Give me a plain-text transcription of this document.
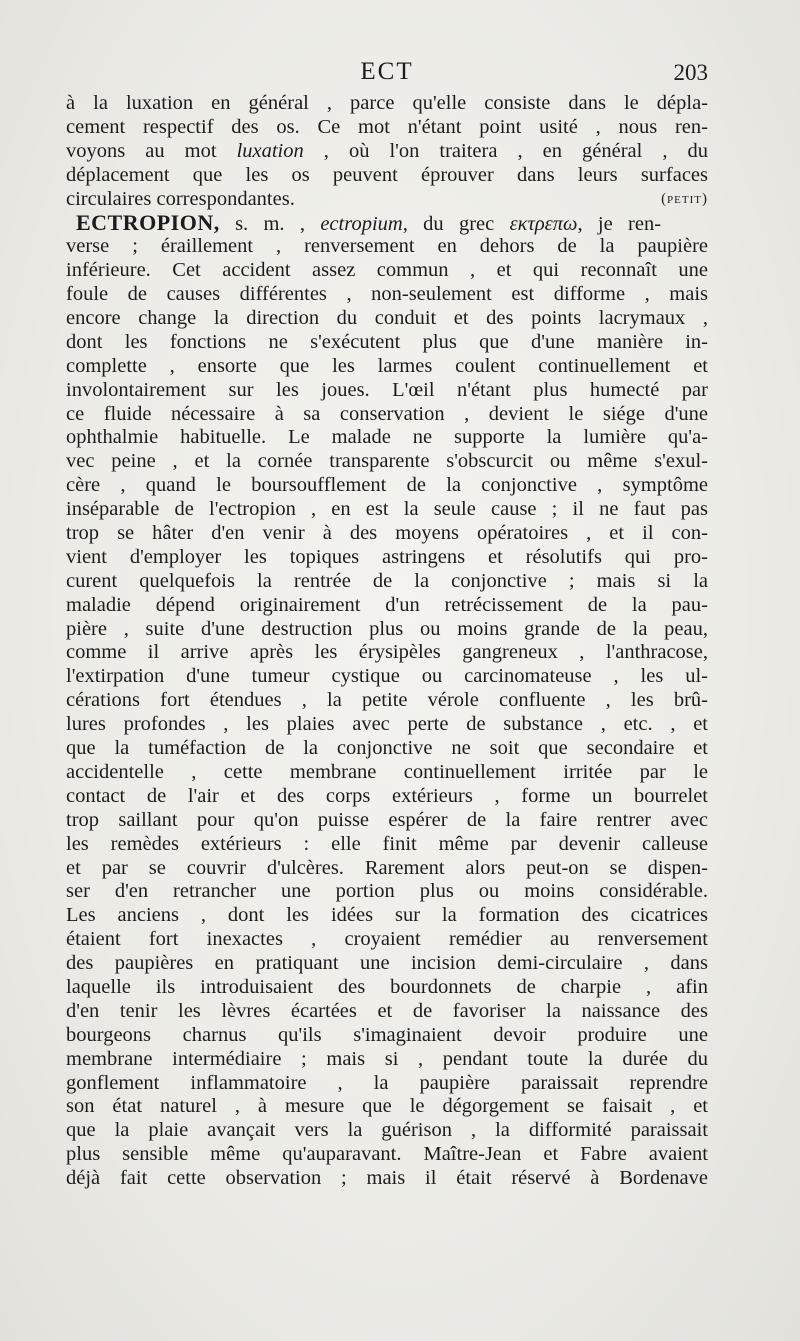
ECT	203
à la luxation en général , parce qu'elle consiste dans le dépla-
cement respectif des os. Ce mot n'étant point usité , nous ren-
voyons au mot luxation , où l'on traitera , en général , du
déplacement que les os peuvent éprouver dans leurs surfaces
circulaires correspondantes.	(petit)
ECTROPION, s. m. , ectropium, du grec εκτρεπω, je ren-
verse ; éraillement , renversement en dehors de la paupière
inférieure. Cet accident assez commun , et qui reconnaît une
foule de causes différentes , non-seulement est difforme , mais
encore change la direction du conduit et des points lacrymaux ,
dont les fonctions ne s'exécutent plus que d'une manière in-
complette , ensorte que les larmes coulent continuellement et
involontairement sur les joues. L'œil n'étant plus humecté par
ce fluide nécessaire à sa conservation , devient le siége d'une
ophthalmie habituelle. Le malade ne supporte la lumière qu'a-
vec peine , et la cornée transparente s'obscurcit ou même s'exul-
cère , quand le boursoufflement de la conjonctive , symptôme
inséparable de l'ectropion , en est la seule cause ; il ne faut pas
trop se hâter d'en venir à des moyens opératoires , et il con-
vient d'employer les topiques astringens et résolutifs qui pro-
curent quelquefois la rentrée de la conjonctive ; mais si la
maladie dépend originairement d'un retrécissement de la pau-
pière , suite d'une destruction plus ou moins grande de la peau,
comme il arrive après les érysipèles gangreneux , l'anthracose,
l'extirpation d'une tumeur cystique ou carcinomateuse , les ul-
cérations fort étendues , la petite vérole confluente , les brû-
lures profondes , les plaies avec perte de substance , etc. , et
que la tuméfaction de la conjonctive ne soit que secondaire et
accidentelle , cette membrane continuellement irritée par le
contact de l'air et des corps extérieurs , forme un bourrelet
trop saillant pour qu'on puisse espérer de la faire rentrer avec
les remèdes extérieurs : elle finit même par devenir calleuse
et par se couvrir d'ulcères. Rarement alors peut-on se dispen-
ser d'en retrancher une portion plus ou moins considérable.
Les anciens , dont les idées sur la formation des cicatrices
étaient fort inexactes , croyaient remédier au renversement
des paupières en pratiquant une incision demi-circulaire , dans
laquelle ils introduisaient des bourdonnets de charpie , afin
d'en tenir les lèvres écartées et de favoriser la naissance des
bourgeons charnus qu'ils s'imaginaient devoir produire une
membrane intermédiaire ; mais si , pendant toute la durée du
gonflement inflammatoire , la paupière paraissait reprendre
son état naturel , à mesure que le dégorgement se faisait , et
que la plaie avançait vers la guérison , la difformité paraissait
plus sensible même qu'auparavant. Maître-Jean et Fabre avaient
déjà fait cette observation ; mais il était réservé à Bordenave
